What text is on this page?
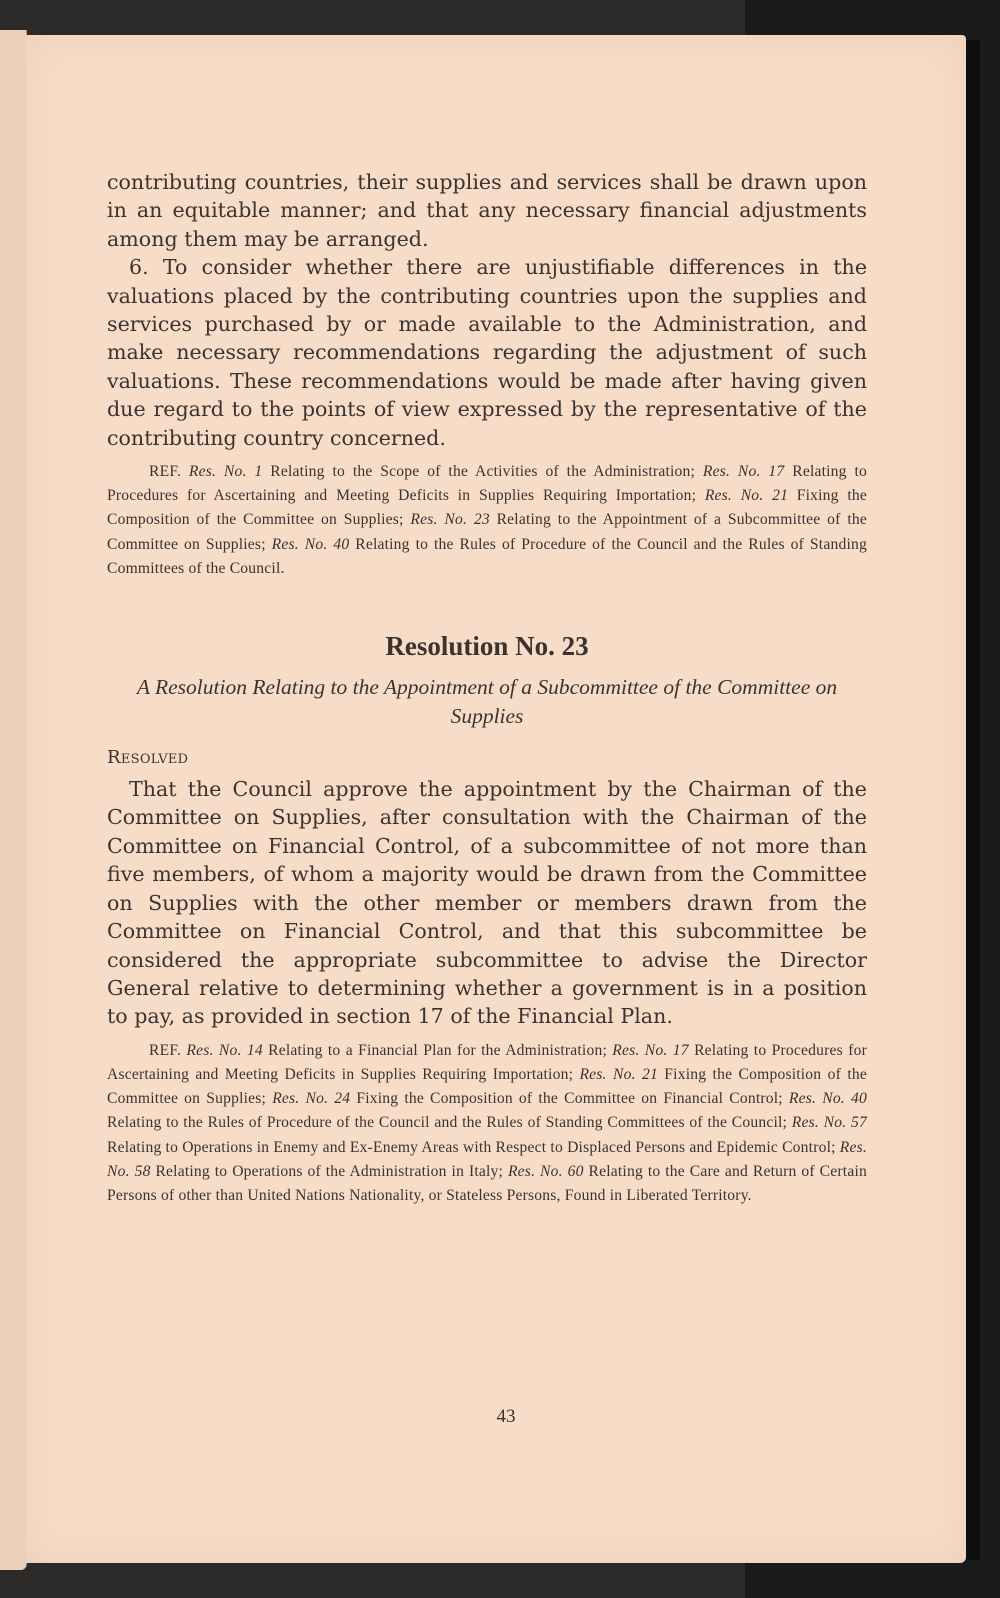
43

contributing countries, their supplies and services shall be drawn upon in an equitable manner; and that any necessary financial adjustments among them may be arranged.

6. To consider whether there are unjustifiable differences in the valuations placed by the contributing countries upon the supplies and services purchased by or made available to the Administration, and make necessary recommendations regarding the adjustment of such valuations. These recommendations would be made after having given due regard to the points of view expressed by the representative of the contributing country concerned.

REF. Res. No. 1 Relating to the Scope of the Activities of the Administration; Res. No. 17 Relating to Procedures for Ascertaining and Meeting Deficits in Supplies Requiring Importation; Res. No. 21 Fixing the Composition of the Committee on Supplies; Res. No. 23 Relating to the Appointment of a Subcommittee of the Committee on Supplies; Res. No. 40 Relating to the Rules of Procedure of the Council and the Rules of Standing Committees of the Council.

Resolution No. 23
A Resolution Relating to the Appointment of a Subcommittee of the Committee on Supplies
Resolved

That the Council approve the appointment by the Chairman of the Committee on Supplies, after consultation with the Chairman of the Committee on Financial Control, of a subcommittee of not more than five members, of whom a majority would be drawn from the Committee on Supplies with the other member or members drawn from the Committee on Financial Control, and that this subcommittee be considered the appropriate subcommittee to advise the Director General relative to determining whether a government is in a position to pay, as provided in section 17 of the Financial Plan.

REF. Res. No. 14 Relating to a Financial Plan for the Administration; Res. No. 17 Relating to Procedures for Ascertaining and Meeting Deficits in Supplies Requiring Importation; Res. No. 21 Fixing the Composition of the Committee on Supplies; Res. No. 24 Fixing the Composition of the Committee on Financial Control; Res. No. 40 Relating to the Rules of Procedure of the Council and the Rules of Standing Committees of the Council; Res. No. 57 Relating to Operations in Enemy and Ex-Enemy Areas with Respect to Displaced Persons and Epidemic Control; Res. No. 58 Relating to Operations of the Administration in Italy; Res. No. 60 Relating to the Care and Return of Certain Persons of other than United Nations Nationality, or Stateless Persons, Found in Liberated Territory.
